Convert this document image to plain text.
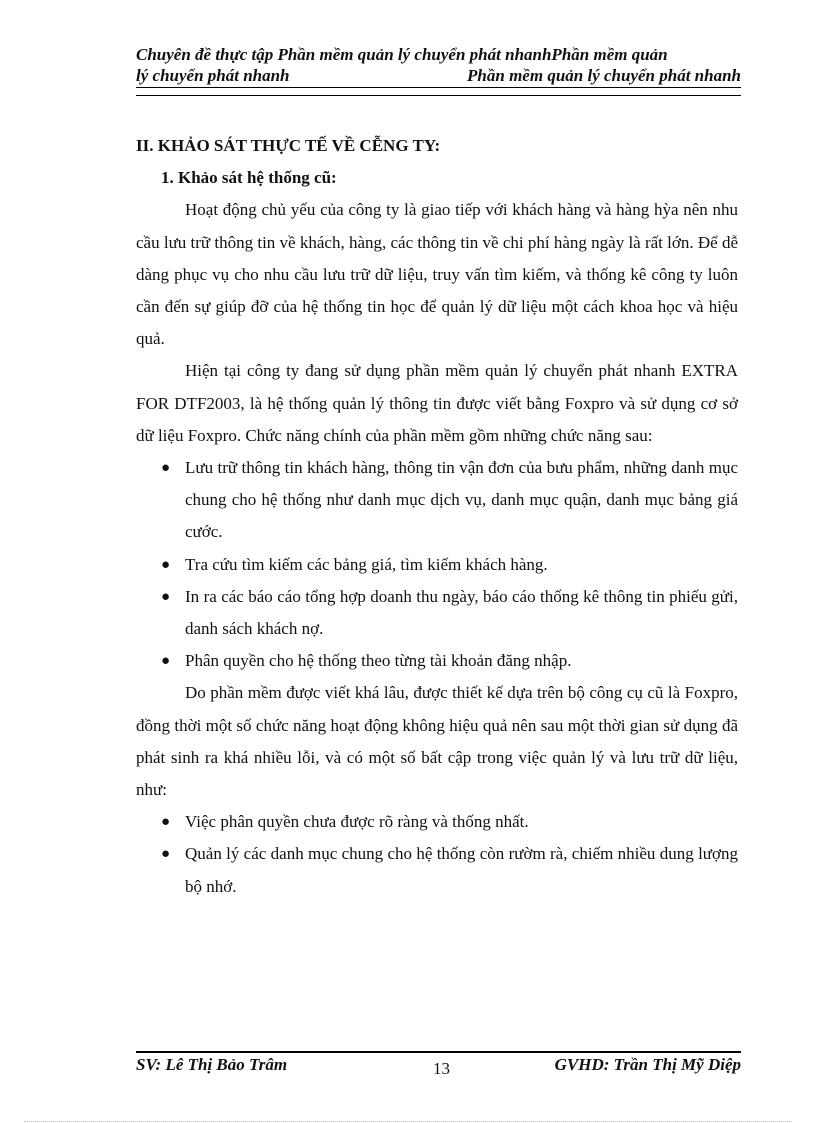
Chuyên đề thực tập Phần mềm quản lý chuyển phát nhanhPhần mềm quản
lý chuyển phát nhanh	Phần mềm quản lý chuyển phát nhanh

II. KHẢO SÁT THỰC TẾ VỀ CỄNG TY:

1. Khảo sát hệ thống cũ:

Hoạt động chủ yếu của công ty là giao tiếp với khách hàng và hàng hỳa nên nhu cầu lưu trữ thông tin về khách, hàng, các thông tin về chi phí hàng ngày là rất lớn. Để dễ dàng phục vụ cho nhu cầu lưu trữ dữ liệu, truy vấn tìm kiếm, và thống kê công ty luôn cần đến sự giúp đỡ của hệ thống tin học để quản lý dữ liệu một cách khoa học và hiệu quả.

Hiện tại công ty đang sử dụng phần mềm quản lý chuyển phát nhanh EXTRA FOR DTF2003, là hệ thống quản lý thông tin được viết bằng Foxpro và sử dụng cơ sở dữ liệu Foxpro. Chức năng chính của phần mềm gồm những chức năng sau:

● Lưu trữ thông tin khách hàng, thông tin vận đơn của bưu phẩm, những danh mục chung cho hệ thống như danh mục dịch vụ, danh mục quận, danh mục bảng giá cước.
● Tra cứu tìm kiếm các bảng giá, tìm kiếm khách hàng.
● In ra các báo cáo tổng hợp doanh thu ngày, báo cáo thống kê thông tin phiếu gửi, danh sách khách nợ.
● Phân quyền cho hệ thống theo từng tài khoản đăng nhập.

Do phần mềm được viết khá lâu, được thiết kế dựa trên bộ công cụ cũ là Foxpro, đồng thời một số chức năng hoạt động không hiệu quả nên sau một thời gian sử dụng đã phát sinh ra khá nhiều lỗi, và có một số bất cập trong việc quản lý và lưu trữ dữ liệu, như:

● Việc phân quyền chưa được rõ ràng và thống nhất.
● Quản lý các danh mục chung cho hệ thống còn rườm rà, chiếm nhiều dung lượng bộ nhớ.
SV: Lê Thị Bảo Trâm	13	GVHD: Trần Thị Mỹ Diệp
